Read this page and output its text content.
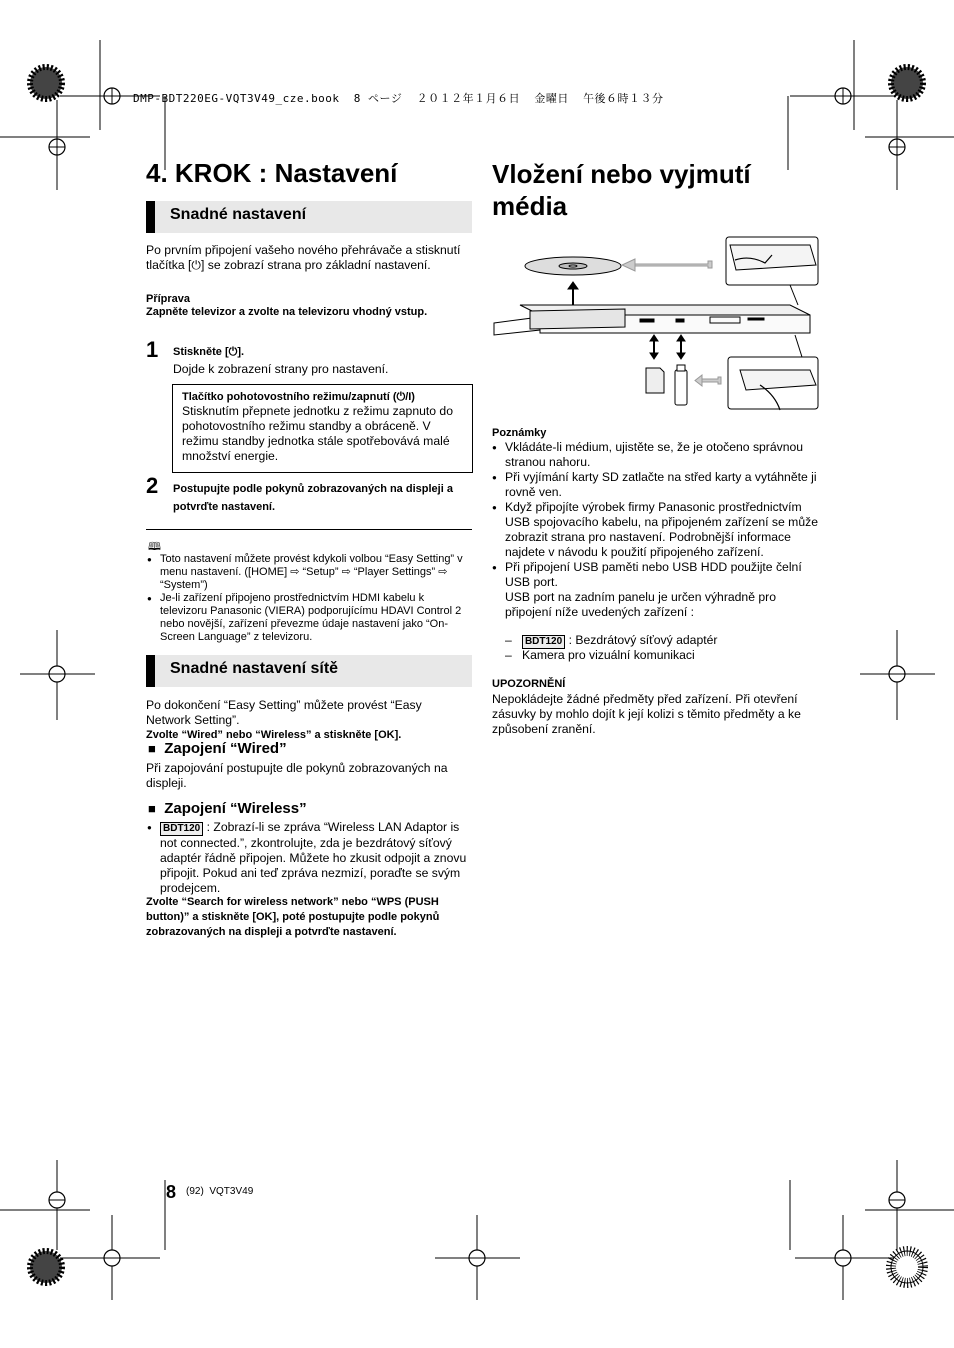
DMP-BDT220EG-VQT3V49_cze.book  8 ページ  ２０１２年１月６日  金曜日  午後６時１３分
4. KROK : Nastavení
Snadné nastavení
Po prvním připojení vašeho nového přehrávače a stisknutí tlačítka [⏻] se zobrazí strana pro základní nastavení.
Příprava
Zapněte televizor a zvolte na televizoru vhodný vstup.
1 Stiskněte [⏻].
Dojde k zobrazení strany pro nastavení.
Tlačítko pohotovostního režimu/zapnutí (⏻/I)
Stisknutím přepnete jednotku z režimu zapnuto do pohotovostního režimu standby a obráceně. V režimu standby jednotka stále spotřebovává malé množství energie.
2 Postupujte podle pokynů zobrazovaných na displeji a potvrďte nastavení.
🕮
● Toto nastavení můžete provést kdykoli volbou “Easy Setting” v menu nastavení. ([HOME] ⇨ “Setup” ⇨ “Player Settings” ⇨ “System”)
● Je-li zařízení připojeno prostřednictvím HDMI kabelu k televizoru Panasonic (VIERA) podporujícímu HDAVI Control 2 nebo novější, zařízení převezme údaje nastavení jako “On-Screen Language” z televizoru.
Snadné nastavení sítě
Po dokončení “Easy Setting” můžete provést “Easy Network Setting”.
Zvolte “Wired” nebo “Wireless” a stiskněte [OK].
■ Zapojení “Wired”
Při zapojování postupujte dle pokynů zobrazovaných na displeji.
■ Zapojení “Wireless”
● BDT120 : Zobrazí-li se zpráva “Wireless LAN Adaptor is not connected.”, zkontrolujte, zda je bezdrátový síťový adaptér řádně připojen. Můžete ho zkusit odpojit a znovu připojit. Pokud ani teď zpráva nezmizí, poraďte se svým prodejcem.
Zvolte “Search for wireless network” nebo “WPS (PUSH button)” a stiskněte [OK], poté postupujte podle pokynů zobrazovaných na displeji a potvrďte nastavení.
Vložení nebo vyjmutí
média
Poznámky
● Vkládáte-li médium, ujistěte se, že je otočeno správnou stranou nahoru.
● Při vyjímání karty SD zatlačte na střed karty a vytáhněte ji rovně ven.
● Když připojíte výrobek firmy Panasonic prostřednictvím USB spojovacího kabelu, na připojeném zařízení se může zobrazit strana pro nastavení. Podrobnější informace najdete v návodu k použití připojeného zařízení.
● Při připojení USB paměti nebo USB HDD použijte čelní USB port.
USB port na zadním panelu je určen výhradně pro připojení níže uvedených zařízení :
–   BDT120 : Bezdrátový síťový adaptér
–   Kamera pro vizuální komunikaci
UPOZORNĚNÍ
Nepokládejte žádné předměty před zařízení. Při otevření zásuvky by mohlo dojít k její kolizi s těmito předměty a ke způsobení zranění.
8 (92)  VQT3V49
